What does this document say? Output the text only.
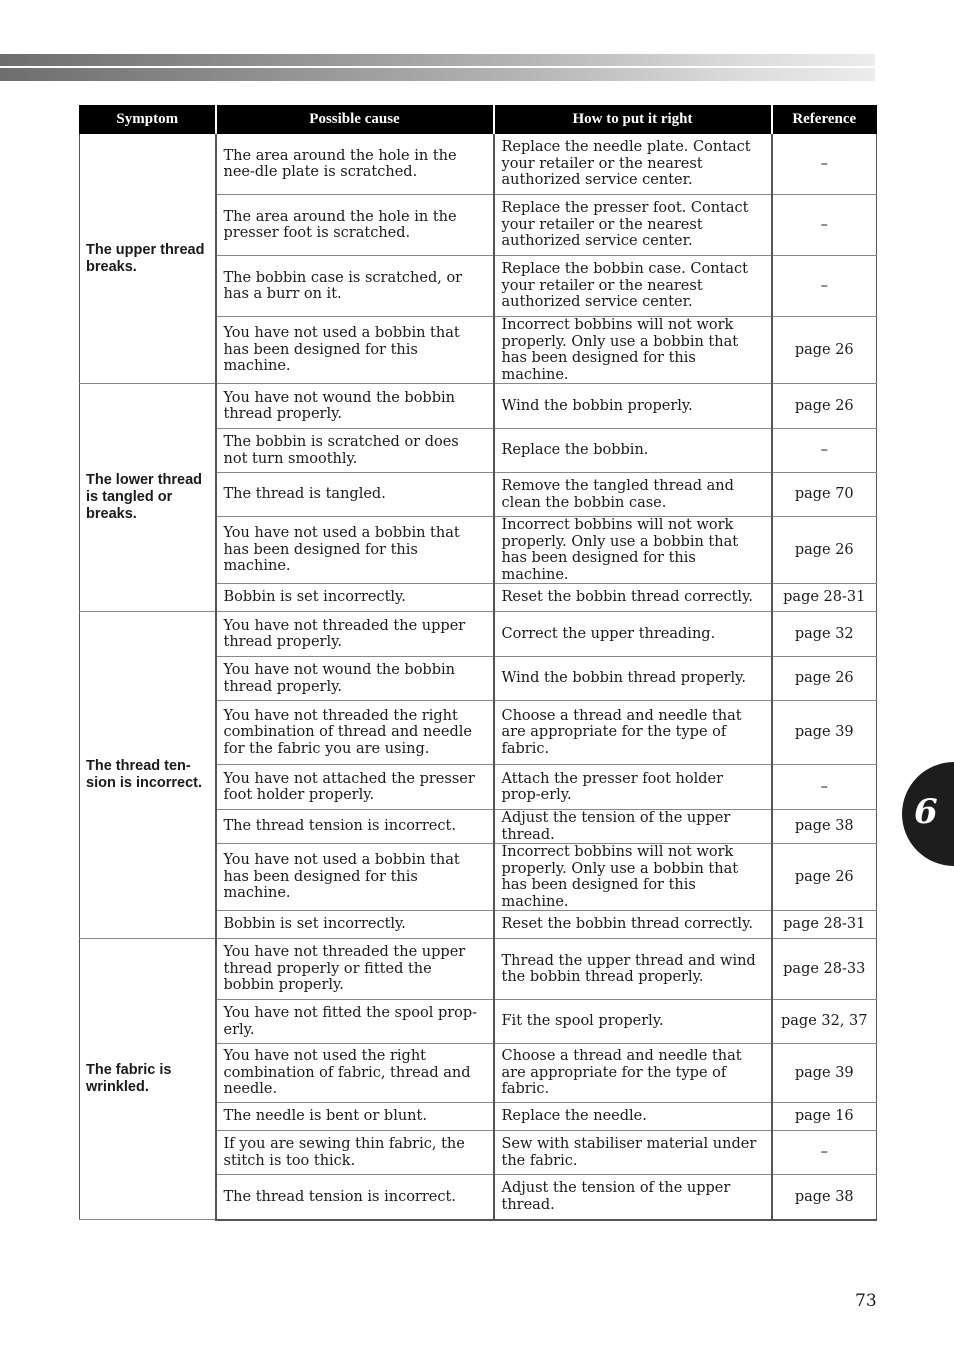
Symptom	Possible cause	How to put it right	Reference
The upper thread breaks.	The area around the hole in the nee-dle plate is scratched.	Replace the needle plate. Contact your retailer or the nearest authorized service center.	–
	The area around the hole in the presser foot is scratched.	Replace the presser foot. Contact your retailer or the nearest authorized service center.	–
	The bobbin case is scratched, or has a burr on it.	Replace the bobbin case. Contact your retailer or the nearest authorized service center.	–
	You have not used a bobbin that has been designed for this machine.	Incorrect bobbins will not work properly. Only use a bobbin that has been designed for this machine.	page 26
The lower thread is tangled or breaks.	You have not wound the bobbin thread properly.	Wind the bobbin properly.	page 26
	The bobbin is scratched or does not turn smoothly.	Replace the bobbin.	–
	The thread is tangled.	Remove the tangled thread and clean the bobbin case.	page 70
	You have not used a bobbin that has been designed for this machine.	Incorrect bobbins will not work properly. Only use a bobbin that has been designed for this machine.	page 26
	Bobbin is set incorrectly.	Reset the bobbin thread correctly.	page 28-31
The thread ten-sion is incorrect.	You have not threaded the upper thread properly.	Correct the upper threading.	page 32
	You have not wound the bobbin thread properly.	Wind the bobbin thread properly.	page 26
	You have not threaded the right combination of thread and needle for the fabric you are using.	Choose a thread and needle that are appropriate for the type of fabric.	page 39
	You have not attached the presser foot holder properly.	Attach the presser foot holder prop-erly.	–
	The thread tension is incorrect.	Adjust the tension of the upper thread.	page 38
	You have not used a bobbin that has been designed for this machine.	Incorrect bobbins will not work properly. Only use a bobbin that has been designed for this machine.	page 26
	Bobbin is set incorrectly.	Reset the bobbin thread correctly.	page 28-31
The fabric is wrinkled.	You have not threaded the upper thread properly or fitted the bobbin properly.	Thread the upper thread and wind the bobbin thread properly.	page 28-33
	You have not fitted the spool prop-erly.	Fit the spool properly.	page 32, 37
	You have not used the right combination of fabric, thread and needle.	Choose a thread and needle that are appropriate for the type of fabric.	page 39
	The needle is bent or blunt.	Replace the needle.	page 16
	If you are sewing thin fabric, the stitch is too thick.	Sew with stabiliser material under the fabric.	–
	The thread tension is incorrect.	Adjust the tension of the upper thread.	page 38
6
73
